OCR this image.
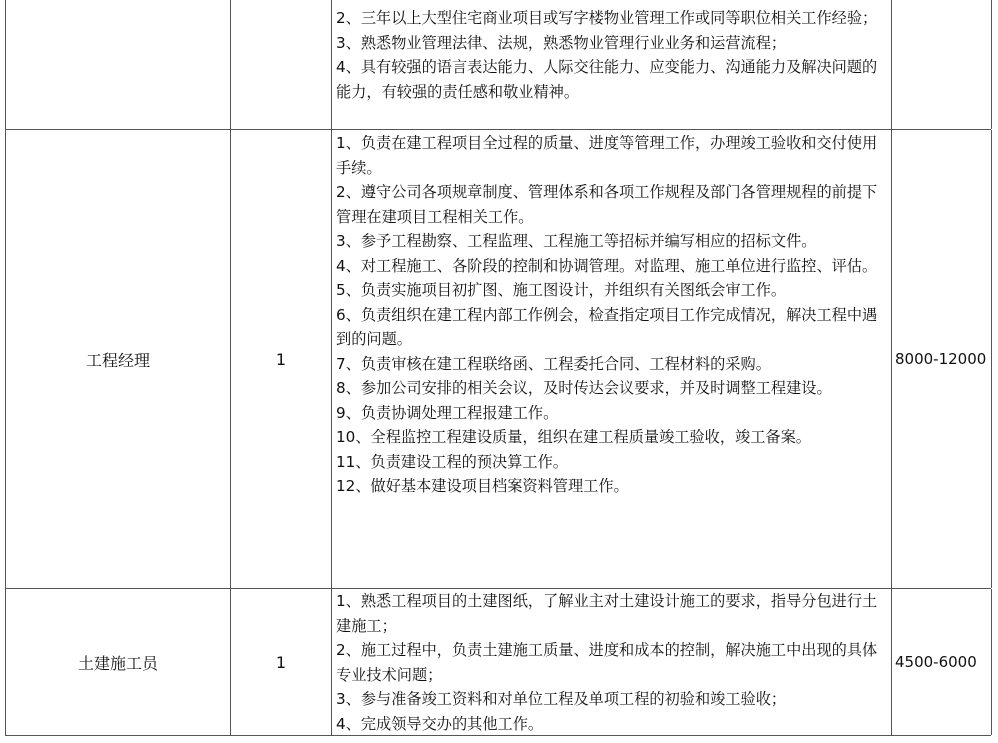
2、三年以上大型住宅商业项目或写字楼物业管理工作或同等职位相关工作经验；
3、熟悉物业管理法律、法规，熟悉物业管理行业业务和运营流程；
4、具有较强的语言表达能力、人际交往能力、应变能力、沟通能力及解决问题的能力，有较强的责任感和敬业精神。
工程经理	1
1、负责在建工程项目全过程的质量、进度等管理工作，办理竣工验收和交付使用手续。
2、遵守公司各项规章制度、管理体系和各项工作规程及部门各管理规程的前提下管理在建项目工程相关工作。
3、参予工程勘察、工程监理、工程施工等招标并编写相应的招标文件。
4、对工程施工、各阶段的控制和协调管理。对监理、施工单位进行监控、评估。
5、负责实施项目初扩图、施工图设计，并组织有关图纸会审工作。
6、负责组织在建工程内部工作例会，检查指定项目工作完成情况，解决工程中遇到的问题。
7、负责审核在建工程联络函、工程委托合同、工程材料的采购。
8、参加公司安排的相关会议，及时传达会议要求，并及时调整工程建设。
9、负责协调处理工程报建工作。
10、全程监控工程建设质量，组织在建工程质量竣工验收，竣工备案。
11、负责建设工程的预决算工作。
12、做好基本建设项目档案资料管理工作。
8000-12000
土建施工员	1
1、熟悉工程项目的土建图纸，了解业主对土建设计施工的要求，指导分包进行土建施工；
2、施工过程中，负责土建施工质量、进度和成本的控制，解决施工中出现的具体专业技术问题；
3、参与准备竣工资料和对单位工程及单项工程的初验和竣工验收；
4、完成领导交办的其他工作。
4500-6000
